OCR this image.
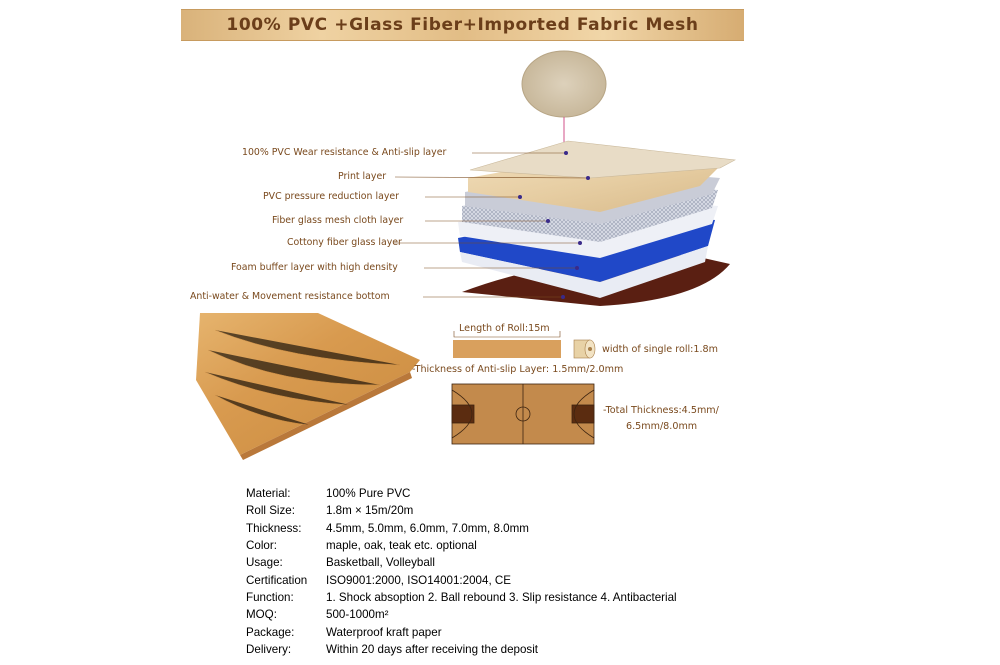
100% PVC +Glass Fiber+Imported Fabric Mesh
100% PVC Wear resistance & Anti-slip layer
Print layer
PVC pressure reduction layer
Fiber glass mesh cloth layer
Cottony fiber glass layer
Foam buffer layer with high density
Anti-water & Movement resistance bottom
Length of Roll:15m
width of single roll:1.8m
-Thickness of Anti-slip Layer: 1.5mm/2.0mm
-Total Thickness:4.5mm/
6.5mm/8.0mm
Material:	100% Pure PVC
Roll Size:	1.8m × 15m/20m
Thickness:	4.5mm, 5.0mm, 6.0mm, 7.0mm, 8.0mm
Color:	maple, oak, teak etc. optional
Usage:	Basketball, Volleyball
Certification	ISO9001:2000, ISO14001:2004, CE
Function:	1. Shock absoption 2. Ball rebound 3. Slip resistance 4. Antibacterial
MOQ:	500-1000m²
Package:	Waterproof kraft paper
Delivery:	Within 20 days after receiving the deposit
